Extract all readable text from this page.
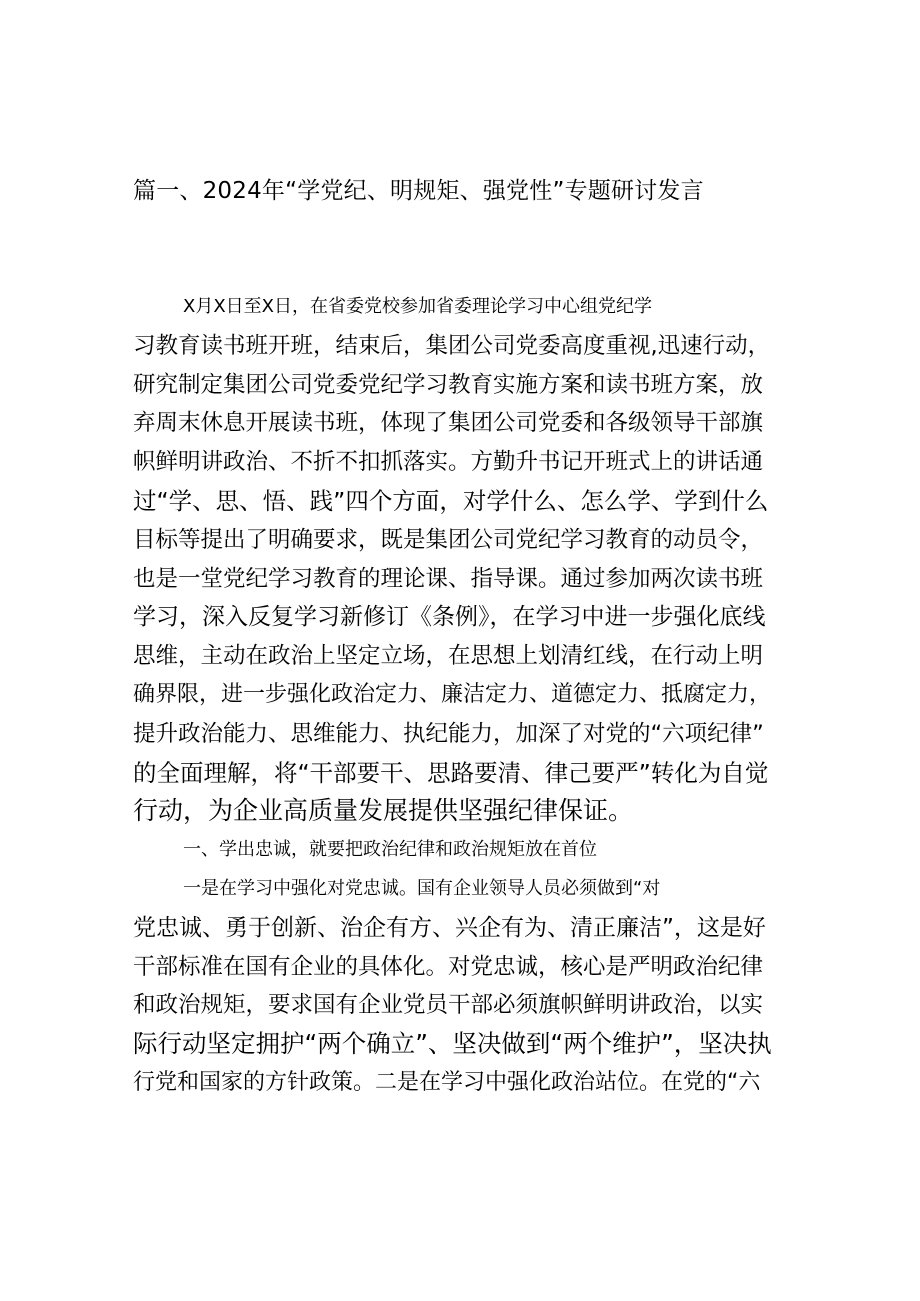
篇一、2024年“学党纪、明规矩、强党性”专题研讨发言

X月X日至X日，在省委党校参加省委理论学习中心组党纪学
习教育读书班开班，结束后，集团公司党委高度重视,迅速行动，
研究制定集团公司党委党纪学习教育实施方案和读书班方案，放
弃周末休息开展读书班，体现了集团公司党委和各级领导干部旗
帜鲜明讲政治、不折不扣抓落实。方勤升书记开班式上的讲话通
过“学、思、悟、践”四个方面，对学什么、怎么学、学到什么
目标等提出了明确要求，既是集团公司党纪学习教育的动员令，
也是一堂党纪学习教育的理论课、指导课。通过参加两次读书班
学习，深入反复学习新修订《条例》，在学习中进一步强化底线
思维，主动在政治上坚定立场，在思想上划清红线，在行动上明
确界限，进一步强化政治定力、廉洁定力、道德定力、抵腐定力，
提升政治能力、思维能力、执纪能力，加深了对党的“六项纪律”
的全面理解，将“干部要干、思路要清、律己要严”转化为自觉
行动，为企业高质量发展提供坚强纪律保证。

一、学出忠诚，就要把政治纪律和政治规矩放在首位

一是在学习中强化对党忠诚。国有企业领导人员必须做到“对
党忠诚、勇于创新、治企有方、兴企有为、清正廉洁”，这是好
干部标准在国有企业的具体化。对党忠诚，核心是严明政治纪律
和政治规矩，要求国有企业党员干部必须旗帜鲜明讲政治，以实
际行动坚定拥护“两个确立”、坚决做到“两个维护”，坚决执
行党和国家的方针政策。二是在学习中强化政治站位。在党的“六
